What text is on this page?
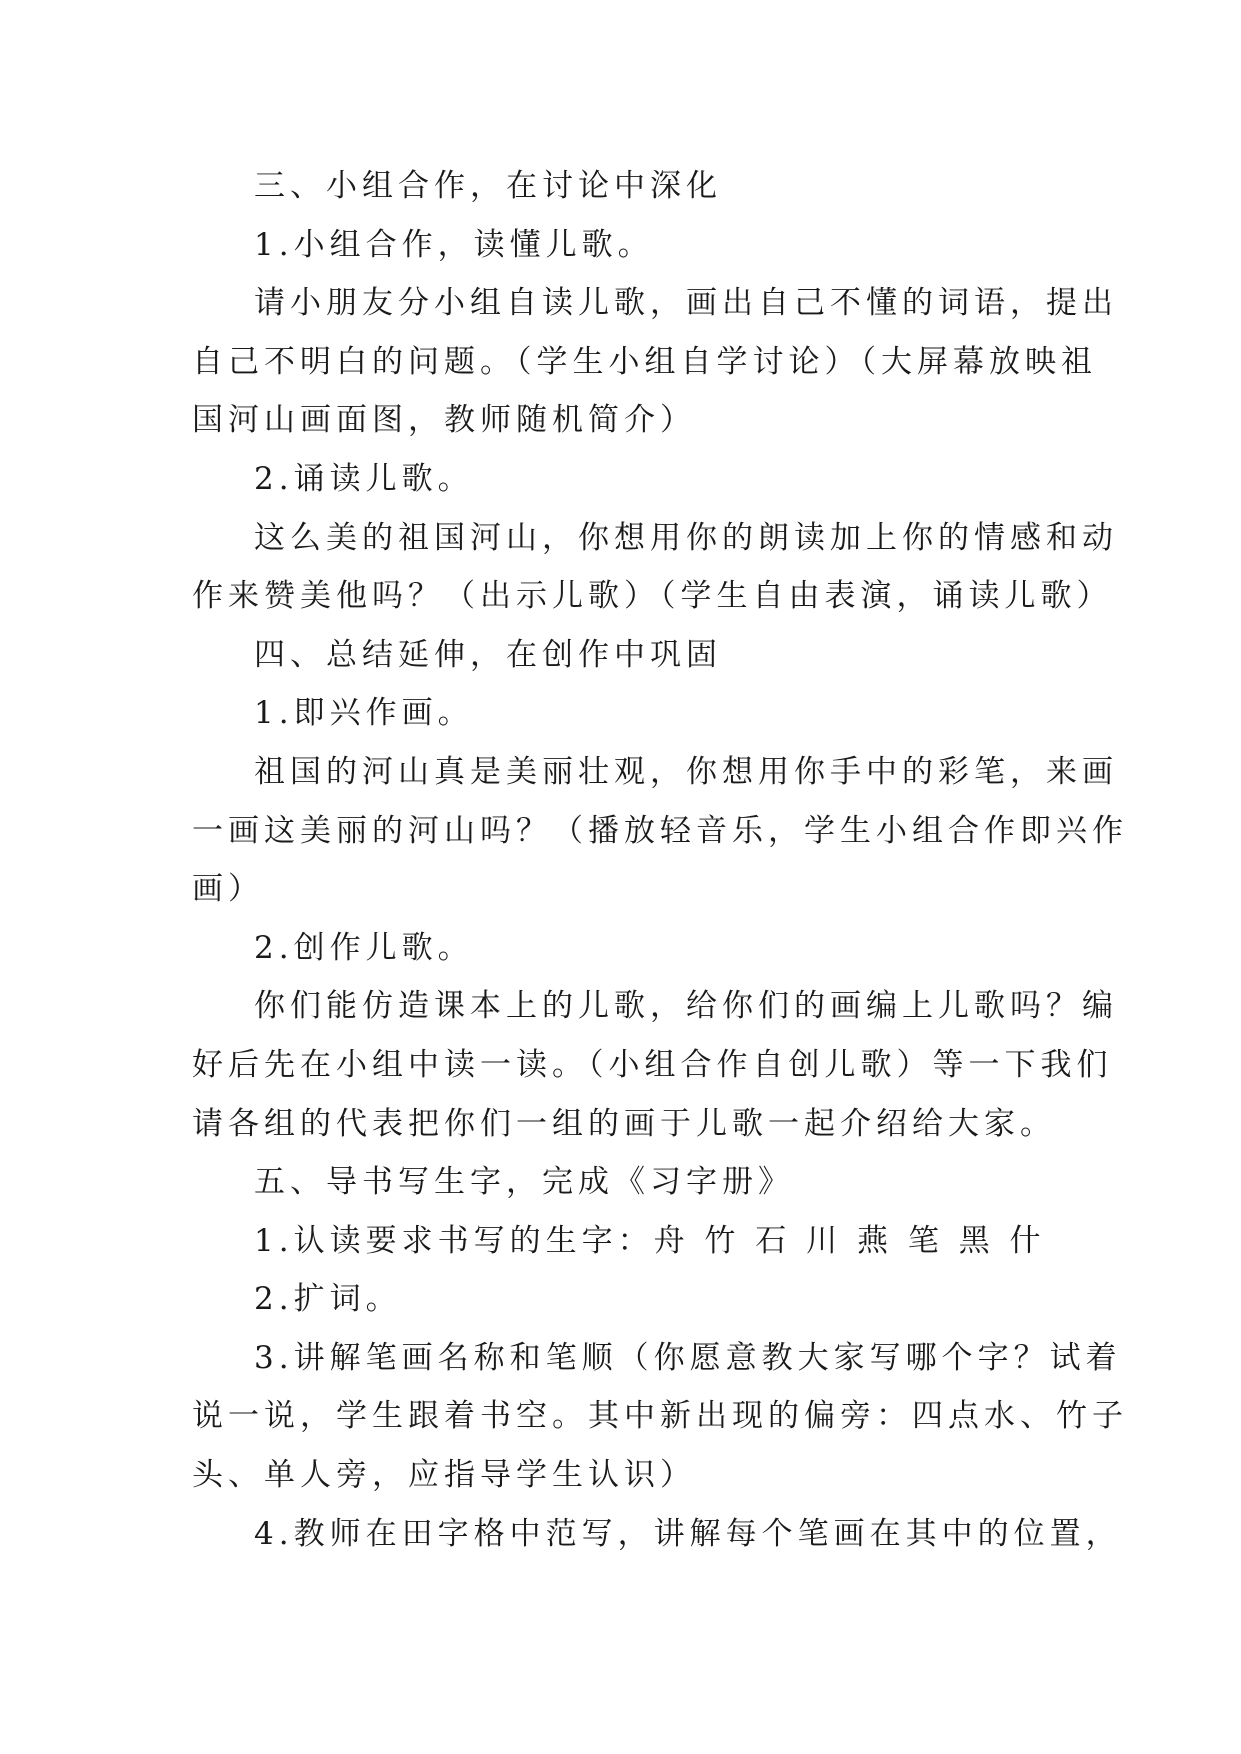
三、小组合作，在讨论中深化
1.小组合作，读懂儿歌。
请小朋友分小组自读儿歌，画出自己不懂的词语，提出
自己不明白的问题。（学生小组自学讨论）（大屏幕放映祖
国河山画面图，教师随机简介）
2.诵读儿歌。
这么美的祖国河山，你想用你的朗读加上你的情感和动
作来赞美他吗？（出示儿歌）（学生自由表演，诵读儿歌）
四、总结延伸，在创作中巩固
1.即兴作画。
祖国的河山真是美丽壮观，你想用你手中的彩笔，来画
一画这美丽的河山吗？（播放轻音乐，学生小组合作即兴作
画）
2.创作儿歌。
你们能仿造课本上的儿歌，给你们的画编上儿歌吗？编
好后先在小组中读一读。（小组合作自创儿歌）等一下我们
请各组的代表把你们一组的画于儿歌一起介绍给大家。
五、导书写生字，完成《习字册》
1.认读要求书写的生字：舟 竹 石 川 燕 笔 黑 什
2.扩词。
3.讲解笔画名称和笔顺（你愿意教大家写哪个字？试着
说一说，学生跟着书空。其中新出现的偏旁：四点水、竹子
头、单人旁，应指导学生认识）
4.教师在田字格中范写，讲解每个笔画在其中的位置，
